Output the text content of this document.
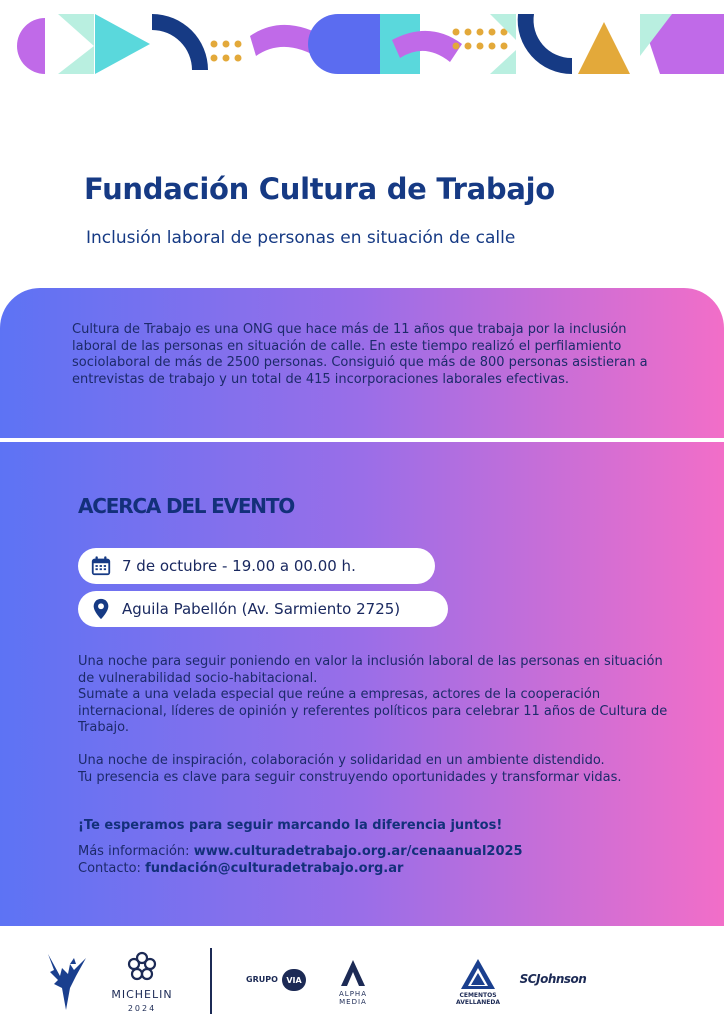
Fundación Cultura de Trabajo

Inclusión laboral de personas en situación de calle

Cultura de Trabajo es una ONG que hace más de 11 años que trabaja por la inclusión laboral de las personas en situación de calle. En este tiempo realizó el perfilamiento sociolaboral de más de 2500 personas. Consiguió que más de 800 personas asistieran a entrevistas de trabajo y un total de 415 incorporaciones laborales efectivas.

ACERCA DEL EVENTO
7 de octubre - 19.00 a 00.00 h.
Aguila Pabellón (Av. Sarmiento 2725)

Una noche para seguir poniendo en valor la inclusión laboral de las personas en situación de vulnerabilidad socio-habitacional.
Sumate a una velada especial que reúne a empresas, actores de la cooperación internacional, líderes de opinión y referentes políticos para celebrar 11 años de Cultura de Trabajo.

Una noche de inspiración, colaboración y solidaridad en un ambiente distendido.
Tu presencia es clave para seguir construyendo oportunidades y transformar vidas.

¡Te esperamos para seguir marcando la diferencia juntos!

Más información: www.culturadetrabajo.org.ar/cenaanual2025
Contacto: fundación@culturadetrabajo.org.ar
MICHELIN
2024
GRUPO	VIA
ALPHA
MEDIA
CEMENTOS
AVELLANEDA
SCJohnson
